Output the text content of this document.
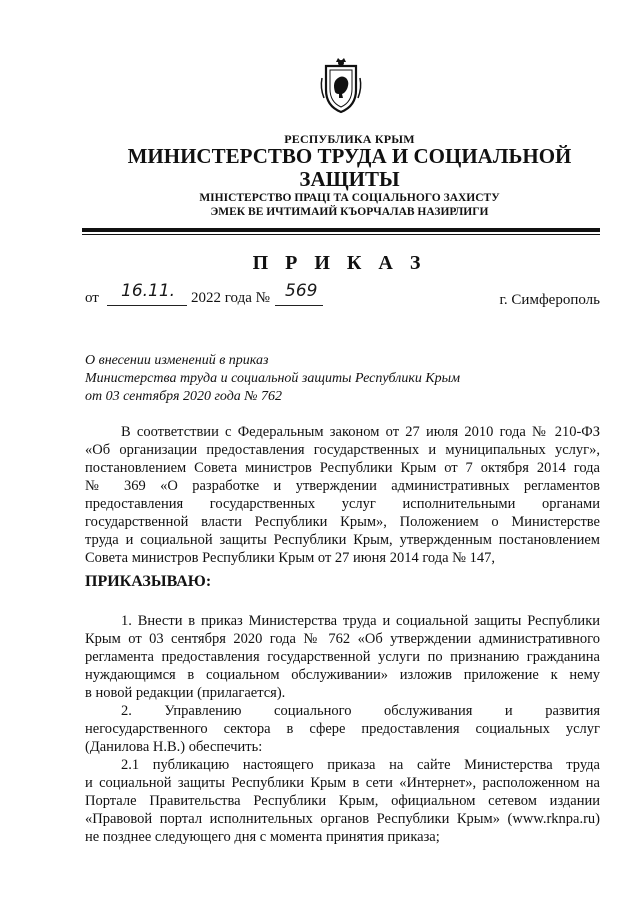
РЕСПУБЛИКА КРЫМ
МИНИСТЕРСТВО ТРУДА И СОЦИАЛЬНОЙ
ЗАЩИТЫ
МІНІСТЕРСТВО ПРАЦІ ТА СОЦІАЛЬНОГО ЗАХИСТУ
ЭМЕК ВЕ ИЧТИМАИЙ КЪОРЧАЛАВ НАЗИРЛИГИ
П Р И К А З
от 16.11. 2022 года № 569	г. Симферополь
О внесении изменений в приказ
Министерства труда и социальной защиты Республики Крым
от 03 сентября 2020 года № 762
В соответствии с Федеральным законом от 27 июля 2010 года № 210-ФЗ
«Об организации предоставления государственных и муниципальных услуг»,
постановлением Совета министров Республики Крым от 7 октября 2014 года
№ 369 «О разработке и утверждении административных регламентов
предоставления государственных услуг исполнительными органами
государственной власти Республики Крым», Положением о Министерстве
труда и социальной защиты Республики Крым, утвержденным постановлением
Совета министров Республики Крым от 27 июня 2014 года № 147,
ПРИКАЗЫВАЮ:
1. Внести в приказ Министерства труда и социальной защиты Республики
Крым от 03 сентября 2020 года № 762 «Об утверждении административного
регламента предоставления государственной услуги по признанию гражданина
нуждающимся в социальном обслуживании» изложив приложение к нему
в новой редакции (прилагается).
2. Управлению социального обслуживания и развития
негосударственного сектора в сфере предоставления социальных услуг
(Данилова Н.В.) обеспечить:
2.1 публикацию настоящего приказа на сайте Министерства труда
и социальной защиты Республики Крым в сети «Интернет», расположенном на
Портале Правительства Республики Крым, официальном сетевом издании
«Правовой портал исполнительных органов Республики Крым» (www.rknpa.ru)
не позднее следующего дня с момента принятия приказа;
